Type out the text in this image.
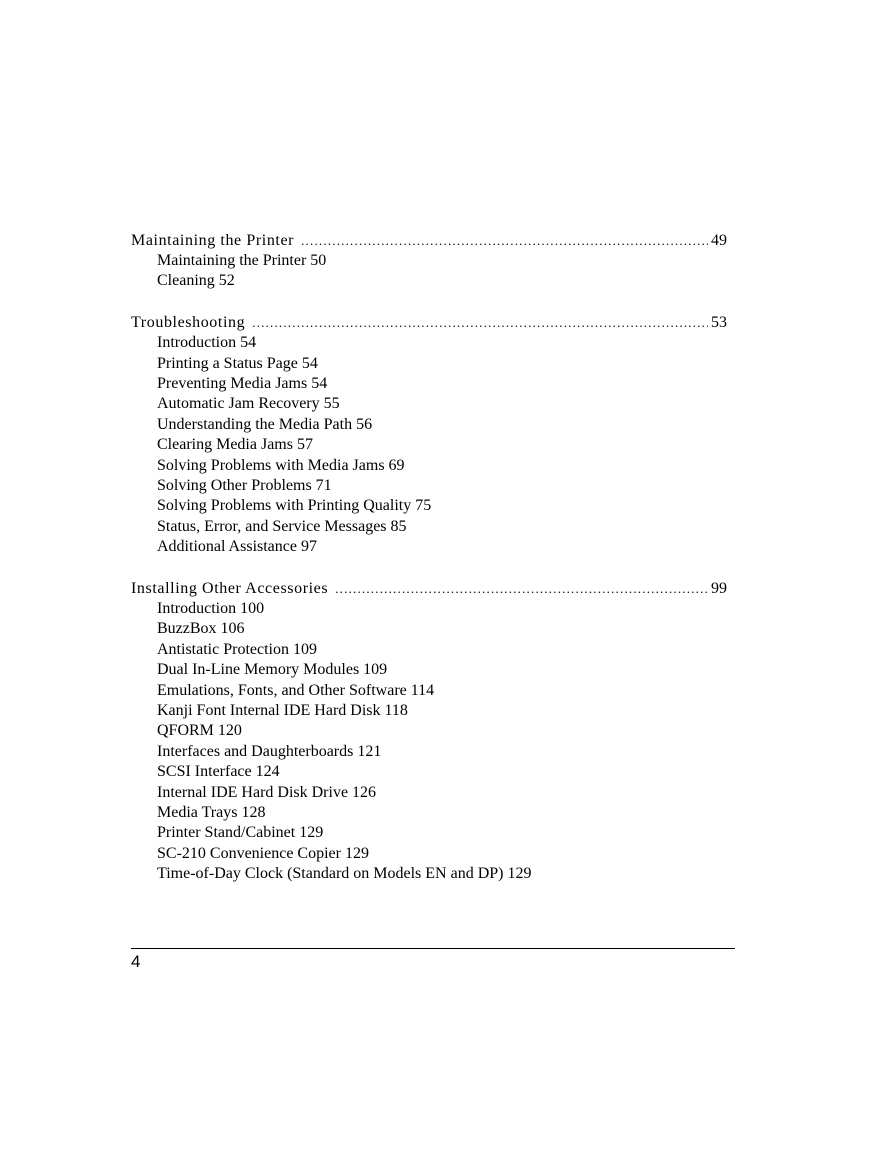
Maintaining the Printer .....	49
Maintaining the Printer 50
Cleaning 52
Troubleshooting .....	53
Introduction 54
Printing a Status Page 54
Preventing Media Jams 54
Automatic Jam Recovery 55
Understanding the Media Path 56
Clearing Media Jams 57
Solving Problems with Media Jams 69
Solving Other Problems 71
Solving Problems with Printing Quality 75
Status, Error, and Service Messages 85
Additional Assistance 97
Installing Other Accessories .....	99
Introduction 100
BuzzBox 106
Antistatic Protection 109
Dual In-Line Memory Modules 109
Emulations, Fonts, and Other Software 114
Kanji Font Internal IDE Hard Disk 118
QFORM 120
Interfaces and Daughterboards 121
SCSI Interface 124
Internal IDE Hard Disk Drive 126
Media Trays 128
Printer Stand/Cabinet 129
SC-210 Convenience Copier 129
Time-of-Day Clock (Standard on Models EN and DP) 129
4
